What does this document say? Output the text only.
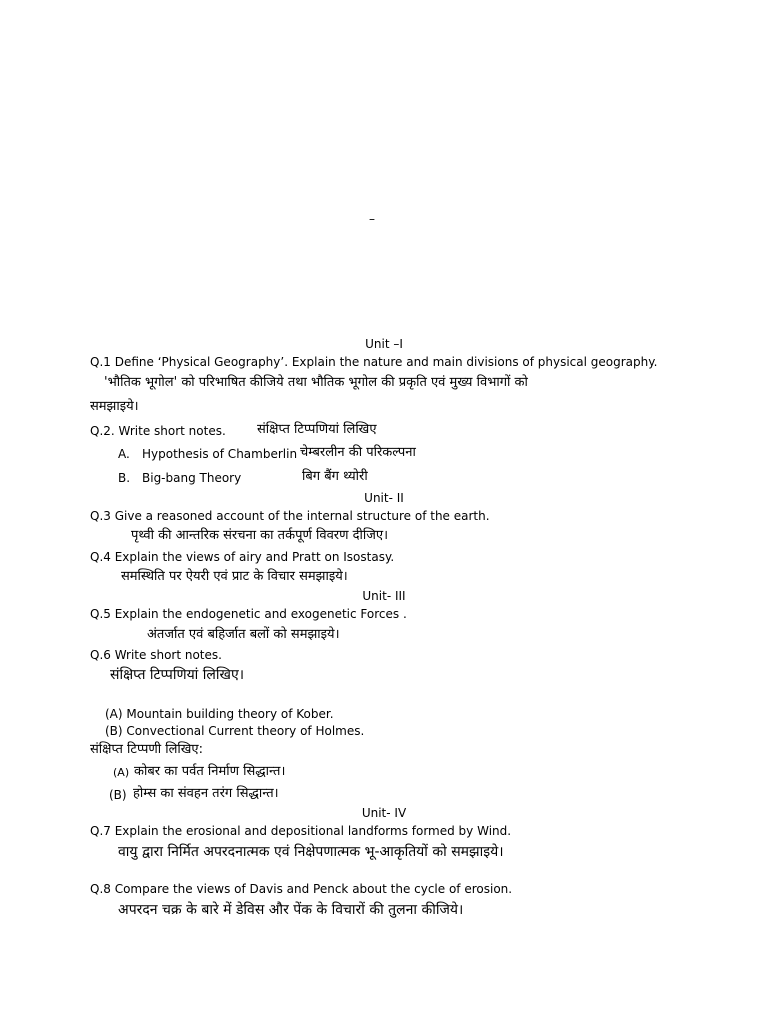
–
Unit –I
Q.1 Define ‘Physical Geography’. Explain the nature and main divisions of physical geography.
'भौतिक भूगोल' को परिभाषित कीजिये तथा भौतिक भूगोल की प्रकृति एवं मुख्य विभागों को
समझाइये।
Q.2. Write short notes. संक्षिप्त टिप्पणियां लिखिए
A. Hypothesis of Chamberlin चेम्बरलीन की परिकल्पना
B. Big-bang Theory	बिग बैंग थ्योरी
Unit- II
Q.3 Give a reasoned account of the internal structure of the earth.
पृथ्वी की आन्तरिक संरचना का तर्कपूर्ण विवरण दीजिए।
Q.4 Explain the views of airy and Pratt on Isostasy.
समस्थिति पर ऐयरी एवं प्राट के विचार समझाइये।
Unit- III
Q.5 Explain the endogenetic and exogenetic Forces .
अंतर्जात एवं बहिर्जात बलों को समझाइये।
Q.6 Write short notes.
संक्षिप्त टिप्पणियां लिखिए।
(A) Mountain building theory of Kober.
(B) Convectional Current theory of Holmes.
संक्षिप्त टिप्पणी लिखिए:
(A) कोबर का पर्वत निर्माण सिद्धान्त।
(B) होम्स का संवहन तरंग सिद्धान्त।
Unit- IV
Q.7 Explain the erosional and depositional landforms formed by Wind.
वायु द्वारा निर्मित अपरदनात्मक एवं निक्षेपणात्मक भू-आकृतियों को समझाइये।
Q.8 Compare the views of Davis and Penck about the cycle of erosion.
अपरदन चक्र के बारे में डेविस और पेंक के विचारों की तुलना कीजिये।
